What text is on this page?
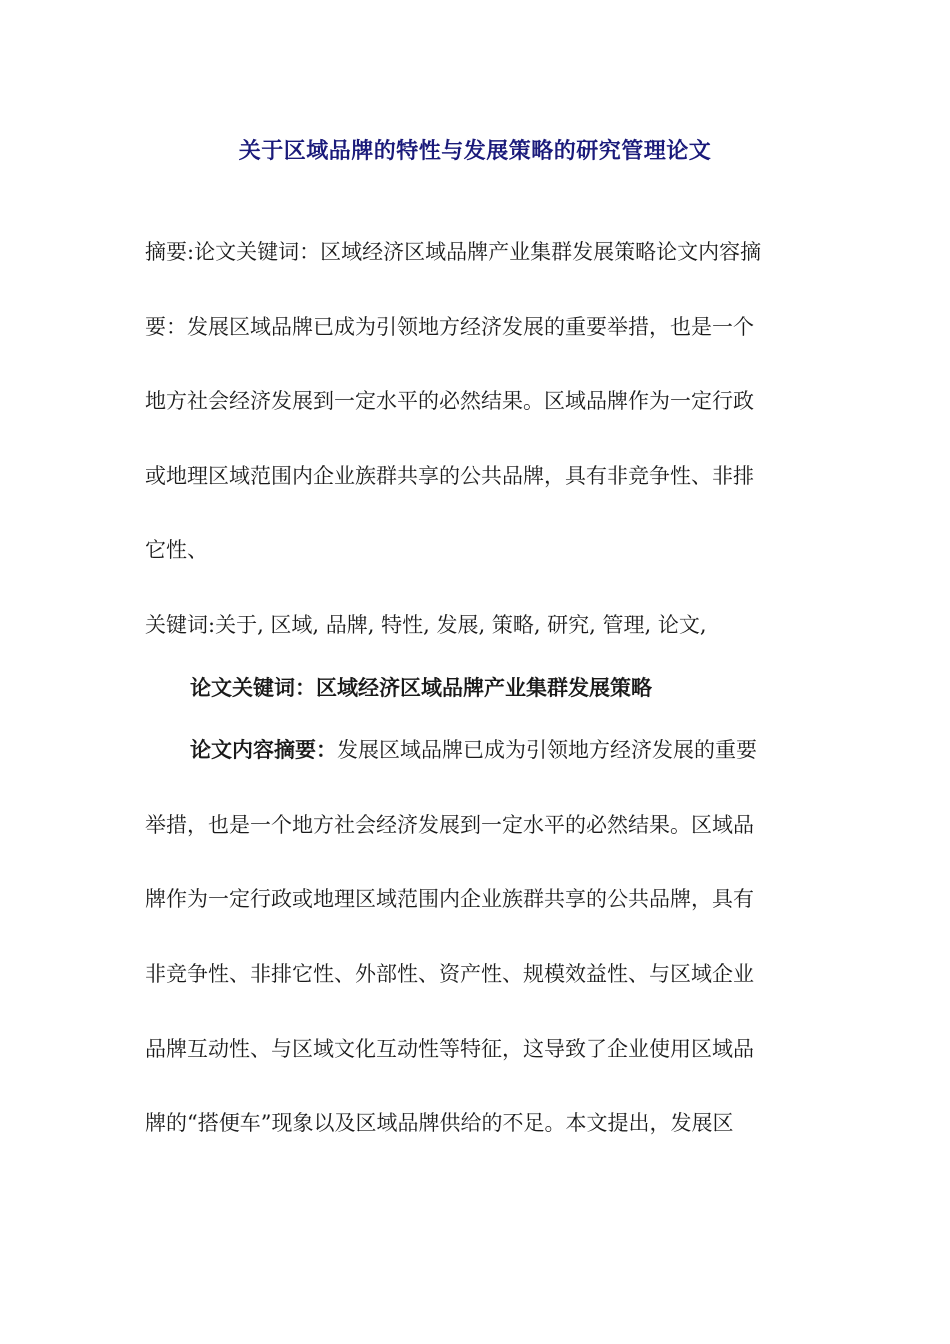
关于区域品牌的特性与发展策略的研究管理论文
摘要:论文关键词：区域经济区域品牌产业集群发展策略论文内容摘
要：发展区域品牌已成为引领地方经济发展的重要举措，也是一个
地方社会经济发展到一定水平的必然结果。区域品牌作为一定行政
或地理区域范围内企业族群共享的公共品牌，具有非竞争性、非排
它性、
关键词:关于, 区域, 品牌, 特性, 发展, 策略, 研究, 管理, 论文,
论文关键词：区域经济区域品牌产业集群发展策略
论文内容摘要：发展区域品牌已成为引领地方经济发展的重要
举措，也是一个地方社会经济发展到一定水平的必然结果。区域品
牌作为一定行政或地理区域范围内企业族群共享的公共品牌，具有
非竞争性、非排它性、外部性、资产性、规模效益性、与区域企业
品牌互动性、与区域文化互动性等特征，这导致了企业使用区域品
牌的“搭便车”现象以及区域品牌供给的不足。本文提出，发展区
